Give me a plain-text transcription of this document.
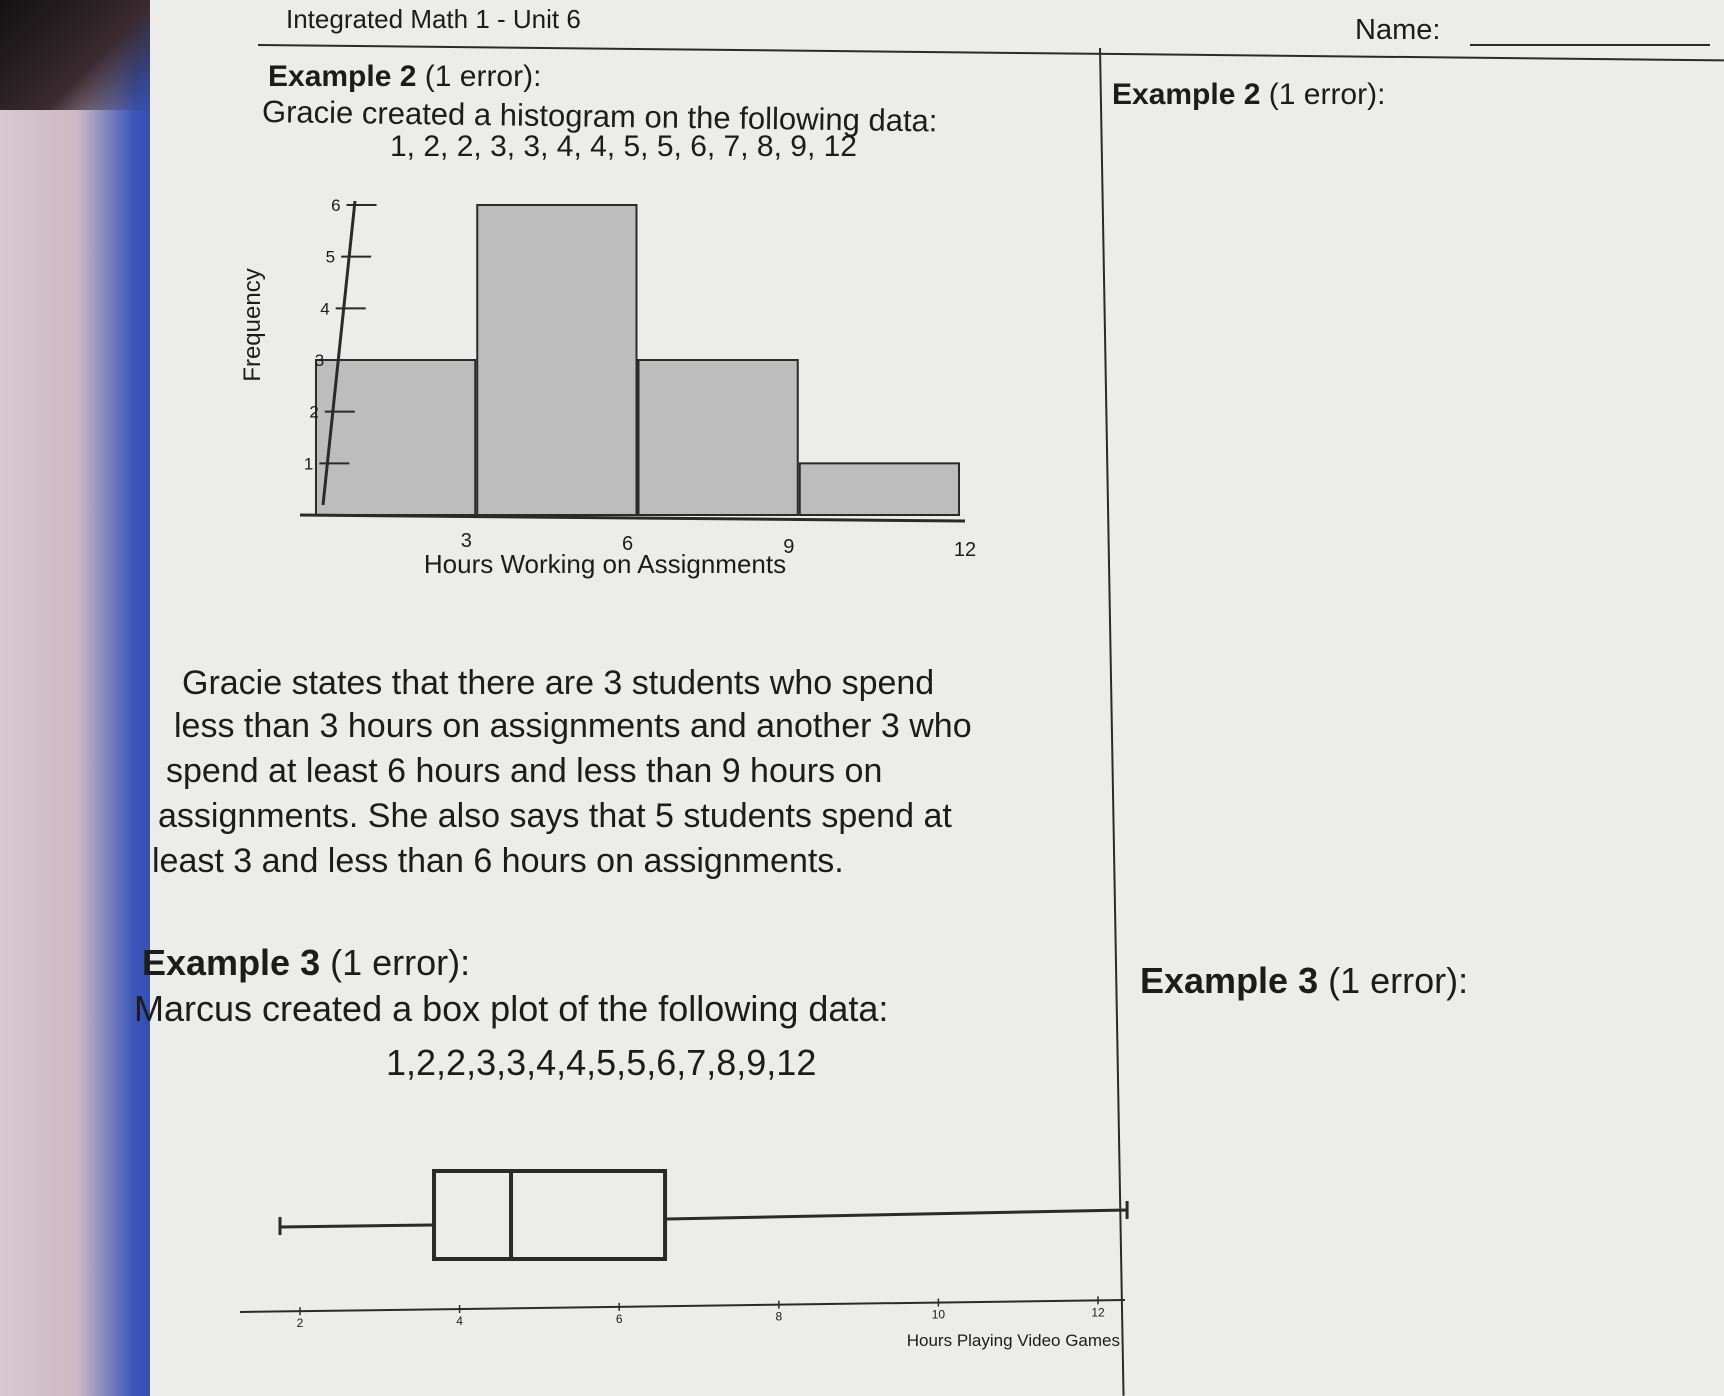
Integrated Math 1 - Unit 6	Name:
Example 2 (1 error):
Gracie created a histogram on the following data:
1, 2, 2, 3, 3, 4, 4, 5, 5, 6, 7, 8, 9, 12
Example 2 (1 error):
1
2
3
4
5
6
3	6	9	12
Hours Working on Assignments
Frequency
Gracie states that there are 3 students who spend
less than 3 hours on assignments and another 3 who
spend at least 6 hours and less than 9 hours on
assignments. She also says that 5 students spend at
least 3 and less than 6 hours on assignments.
Example 3 (1 error):
Marcus created a box plot of the following data:
1,2,2,3,3,4,4,5,5,6,7,8,9,12
Example 3 (1 error):
2	4	6	8	10	12
Hours Playing Video Games
